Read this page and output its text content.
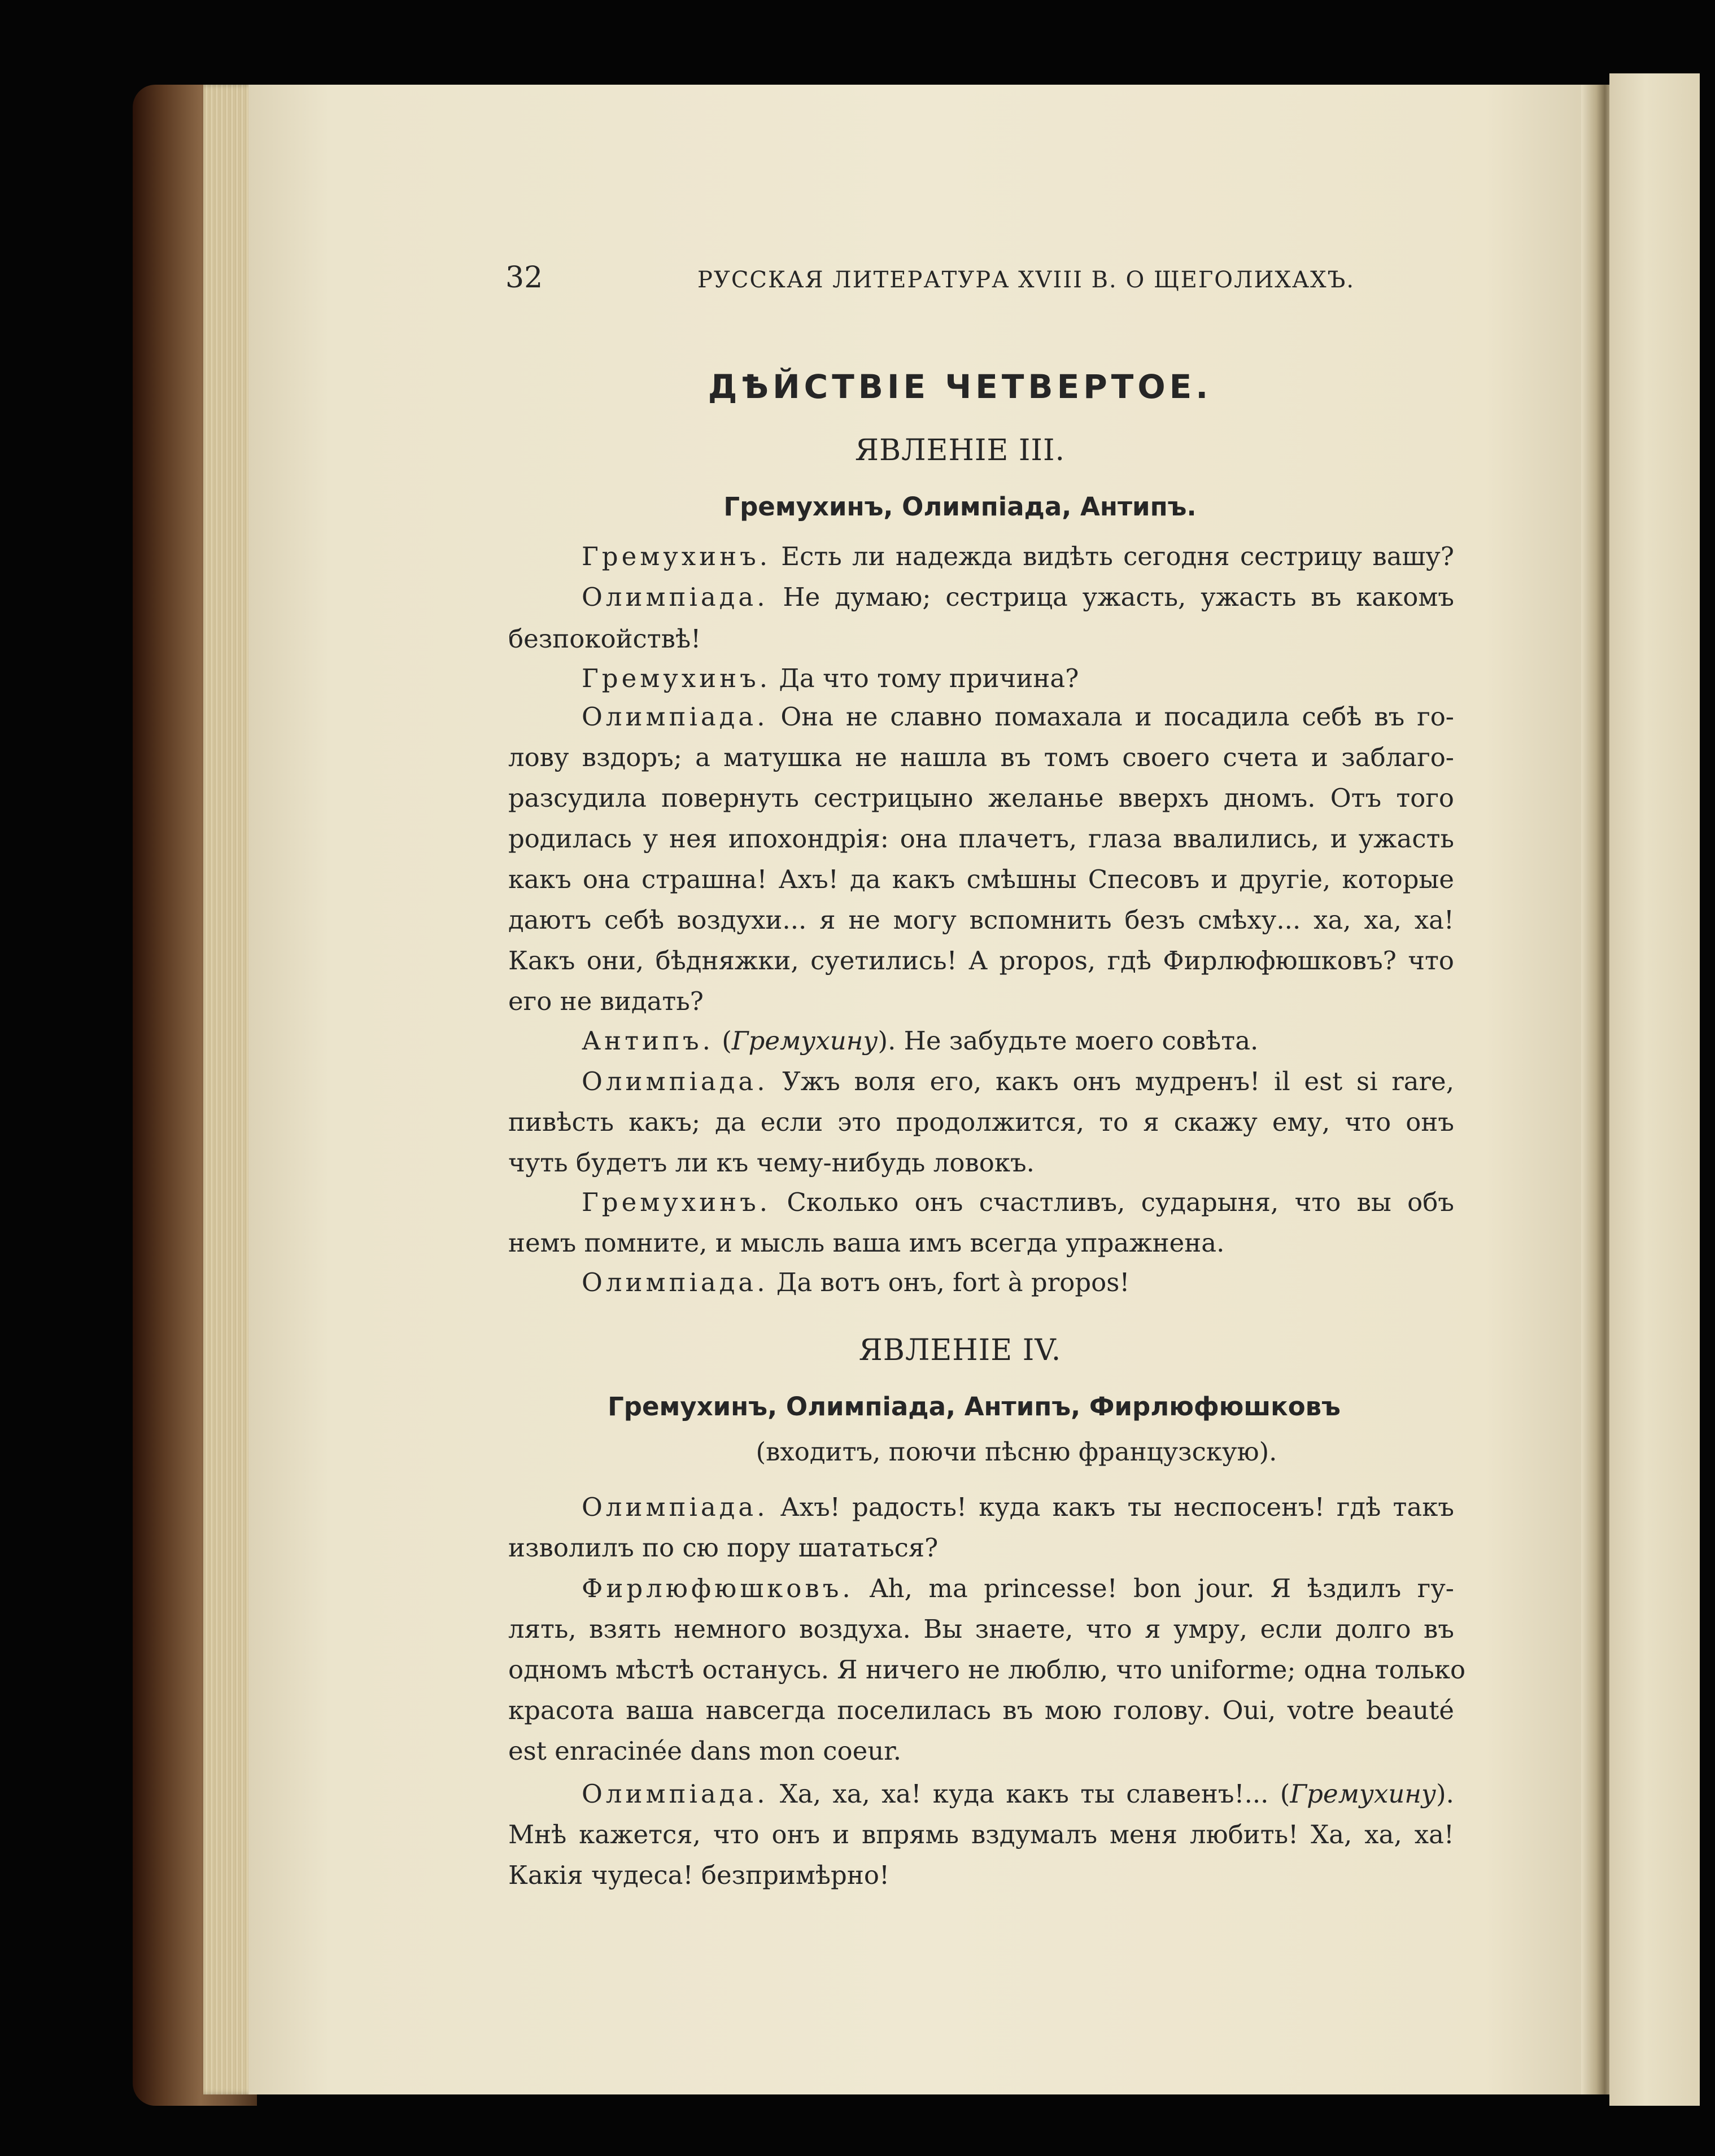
32	РУССКАЯ ЛИТЕРАТУРА XVIII В. О ЩЕГОЛИХАХЪ.
ДѢЙСТВІЕ ЧЕТВЕРТОЕ.
ЯВЛЕНІЕ III.
Гремухинъ, Олимпіада, Антипъ.
Гремухинъ. Есть ли надежда видѣть сегодня сестрицу вашу?
Олимпіада. Не думаю; сестрица ужасть, ужасть въ какомъ
безпокойствѣ!
Гремухинъ. Да что тому причина?
Олимпіада. Она не славно помахала и посадила себѣ въ го-
лову вздоръ; а матушка не нашла въ томъ своего счета и заблаго-
разсудила повернуть сестрицыно желанье вверхъ дномъ. Отъ того
родилась у нея ипохондрія: она плачетъ, глаза ввалились, и ужасть
какъ она страшна! Ахъ! да какъ смѣшны Спесовъ и другіе, которые
даютъ себѣ воздухи... я не могу вспомнить безъ смѣху... ха, ха, ха!
Какъ они, бѣдняжки, суетились! А propos, гдѣ Фирлюфюшковъ? что
его не видать?
Антипъ. (Гремухину). Не забудьте моего совѣта.
Олимпіада. Ужъ воля его, какъ онъ мудренъ! il est si rare,
пивѣсть какъ; да если это продолжится, то я скажу ему, что онъ
чуть будетъ ли къ чему-нибудь ловокъ.
Гремухинъ. Сколько онъ счастливъ, сударыня, что вы объ
немъ помните, и мысль ваша имъ всегда упражнена.
Олимпіада. Да вотъ онъ, fort à propos!
ЯВЛЕНІЕ IV.
Гремухинъ, Олимпіада, Антипъ, Фирлюфюшковъ
(входитъ, поючи пѣсню французскую).
Олимпіада. Ахъ! радость! куда какъ ты неспосенъ! гдѣ такъ
изволилъ по сю пору шататься?
Фирлюфюшковъ. Ah, ma princesse! bon jour. Я ѣздилъ гу-
лять, взять немного воздуха. Вы знаете, что я умру, если долго въ
одномъ мѣстѣ останусь. Я ничего не люблю, что uniforme; одна только
красота ваша навсегда поселилась въ мою голову. Oui, votre beauté
est enracinée dans mon coeur.
Олимпіада. Ха, ха, ха! куда какъ ты славенъ!... (Гремухину).
Мнѣ кажется, что онъ и впрямь вздумалъ меня любить! Ха, ха, ха!
Какія чудеса! безпримѣрно!
